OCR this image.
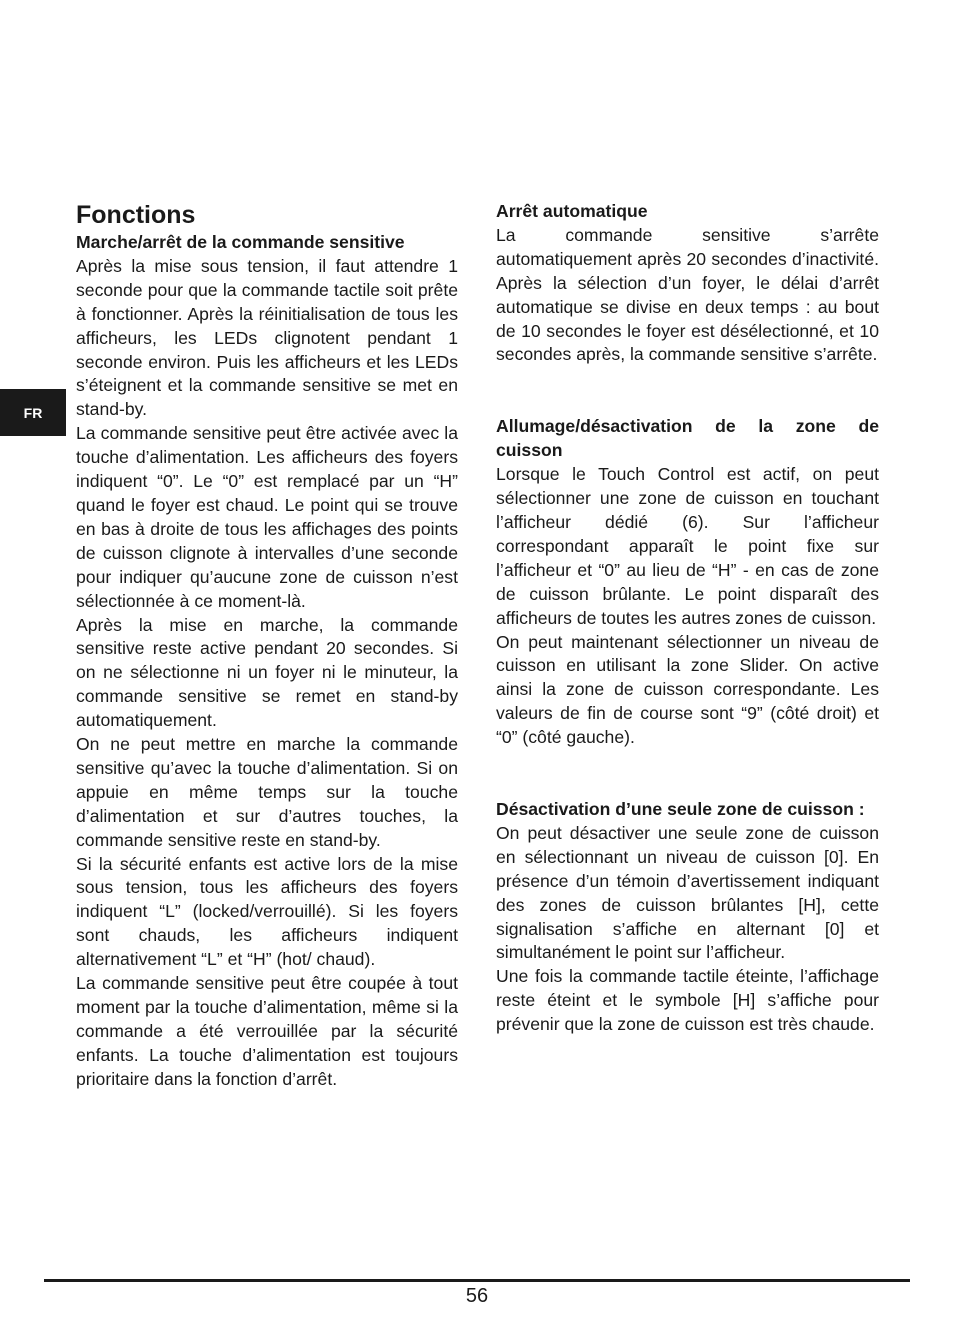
FR
Fonctions

Marche/arrêt de la commande sensitive

Après la mise sous tension, il faut attendre 1 seconde pour que la commande tactile soit prête à fonctionner. Après la réinitialisation de tous les afficheurs, les LEDs clignotent pendant 1 seconde environ. Puis les afficheurs et les LEDs s’éteignent et la commande sensitive se met en stand-by.

La commande sensitive peut être activée avec la touche d’alimentation. Les afficheurs des foyers indiquent “0”. Le “0” est remplacé par un “H” quand le foyer est chaud. Le point qui se trouve en bas à droite de tous les affichages des points de cuisson clignote à intervalles d’une seconde pour indiquer qu’aucune zone de cuisson n’est sélectionnée à ce moment-là.

Après la mise en marche, la commande sensitive reste active pendant 20 secondes. Si on ne sélectionne ni un foyer ni le minuteur, la commande sensitive se remet en stand-by automatiquement.

On ne peut mettre en marche la commande sensitive qu’avec la touche d’alimentation. Si on appuie en même temps sur la touche d’alimentation et sur d’autres touches, la commande sensitive reste en stand-by.

Si la sécurité enfants est active lors de la mise sous tension, tous les afficheurs des foyers indiquent “L” (locked/verrouillé). Si les foyers sont chauds, les afficheurs indiquent alternativement “L” et “H” (hot/ chaud).

La commande sensitive peut être coupée à tout moment par la touche d’alimentation, même si la commande a été verrouillée par la sécurité enfants. La touche d’alimentation est toujours prioritaire dans la fonction d’arrêt.

Arrêt automatique

La commande sensitive s’arrête automatiquement après 20 secondes d’inactivité. Après la sélection d’un foyer, le délai d’arrêt automatique se divise en deux temps : au bout de 10 secondes le foyer est désélectionné, et 10 secondes après, la commande sensitive s’arrête.

Allumage/désactivation de la zone de cuisson

Lorsque le Touch Control est actif, on peut sélectionner une zone de cuisson en touchant l’afficheur dédié (6). Sur l’afficheur correspondant apparaît le point fixe sur l’afficheur et “0” au lieu de “H” - en cas de zone de cuisson brûlante. Le point disparaît des afficheurs de toutes les autres zones de cuisson.

On peut maintenant sélectionner un niveau de cuisson en utilisant la zone Slider. On active ainsi la zone de cuisson correspondante. Les valeurs de fin de course sont “9” (côté droit) et “0” (côté gauche).

Désactivation d’une seule zone de cuisson :

On peut désactiver une seule zone de cuisson en sélectionnant un niveau de cuisson [0]. En présence d’un témoin d’avertissement indiquant des zones de cuisson brûlantes [H], cette signalisation s’affiche en alternant [0] et simultanément le point sur l’afficheur.

Une fois la commande tactile éteinte, l’affichage reste éteint et le symbole [H] s’affiche pour prévenir que la zone de cuisson est très chaude.

56
